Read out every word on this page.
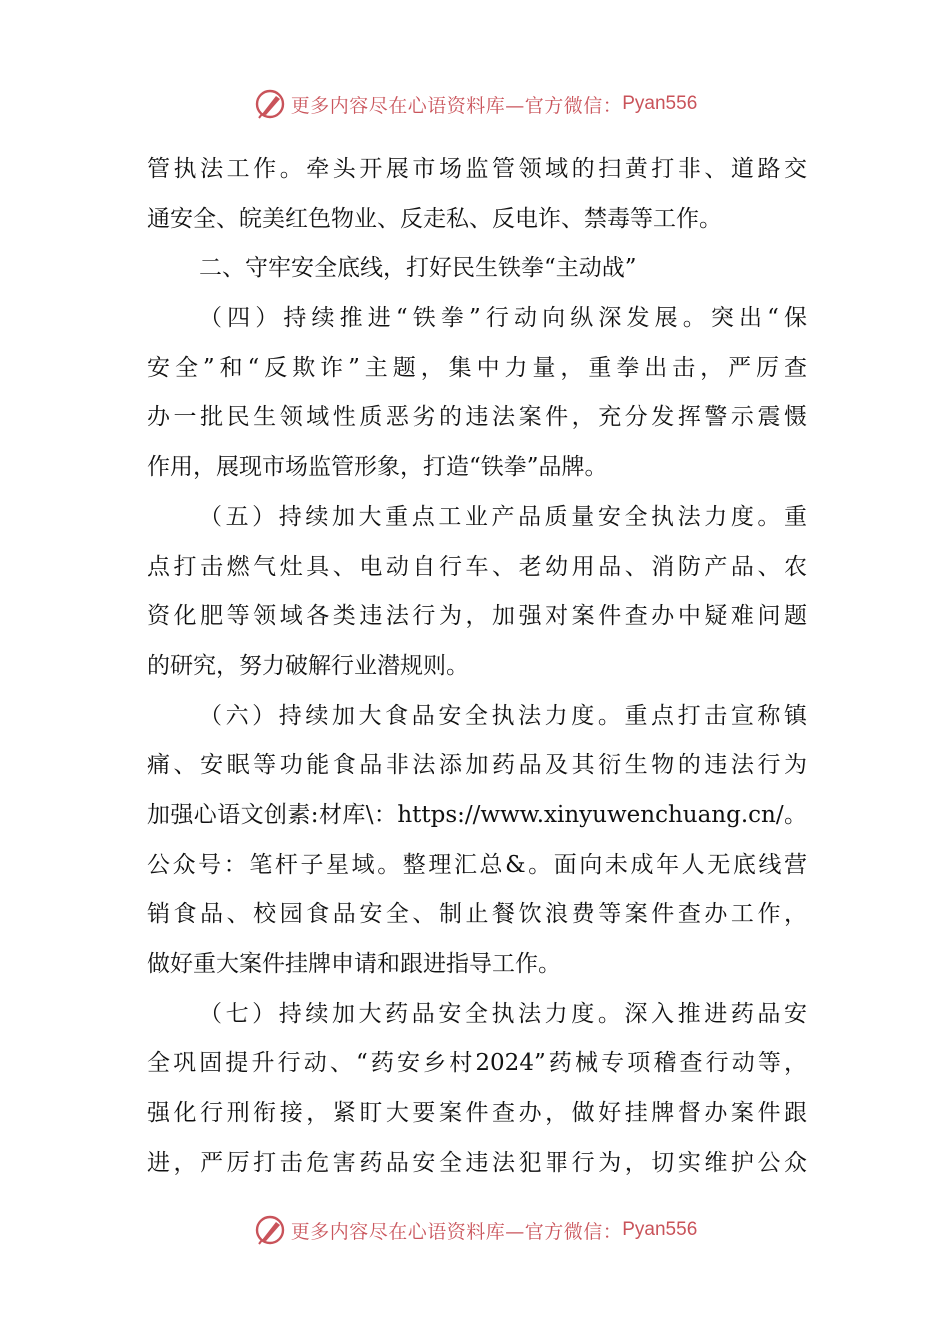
更多内容尽在心语资料库—官方微信： Pyan556
管执法工作。牵头开展市场监管领域的扫黄打非、道路交
通安全、皖美红色物业、反走私、反电诈、禁毒等工作。
二、守牢安全底线，打好民生铁拳“主动战”
（四）持续推进“铁拳”行动向纵深发展。突出“保
安全”和“反欺诈”主题，集中力量，重拳出击，严厉查
办一批民生领域性质恶劣的违法案件，充分发挥警示震慑
作用，展现市场监管形象，打造“铁拳”品牌。
（五）持续加大重点工业产品质量安全执法力度。重
点打击燃气灶具、电动自行车、老幼用品、消防产品、农
资化肥等领域各类违法行为，加强对案件查办中疑难问题
的研究，努力破解行业潜规则。
（六）持续加大食品安全执法力度。重点打击宣称镇
痛、安眠等功能食品非法添加药品及其衍生物的违法行为
加强心语文创素:材库\：https://www.xinyuwenchuang.cn/。
公众号：笔杆子星域。整理汇总&。面向未成年人无底线营
销食品、校园食品安全、制止餐饮浪费等案件查办工作，
做好重大案件挂牌申请和跟进指导工作。
（七）持续加大药品安全执法力度。深入推进药品安
全巩固提升行动、“药安乡村2024”药械专项稽查行动等，
强化行刑衔接，紧盯大要案件查办，做好挂牌督办案件跟
进，严厉打击危害药品安全违法犯罪行为，切实维护公众
更多内容尽在心语资料库—官方微信： Pyan556
